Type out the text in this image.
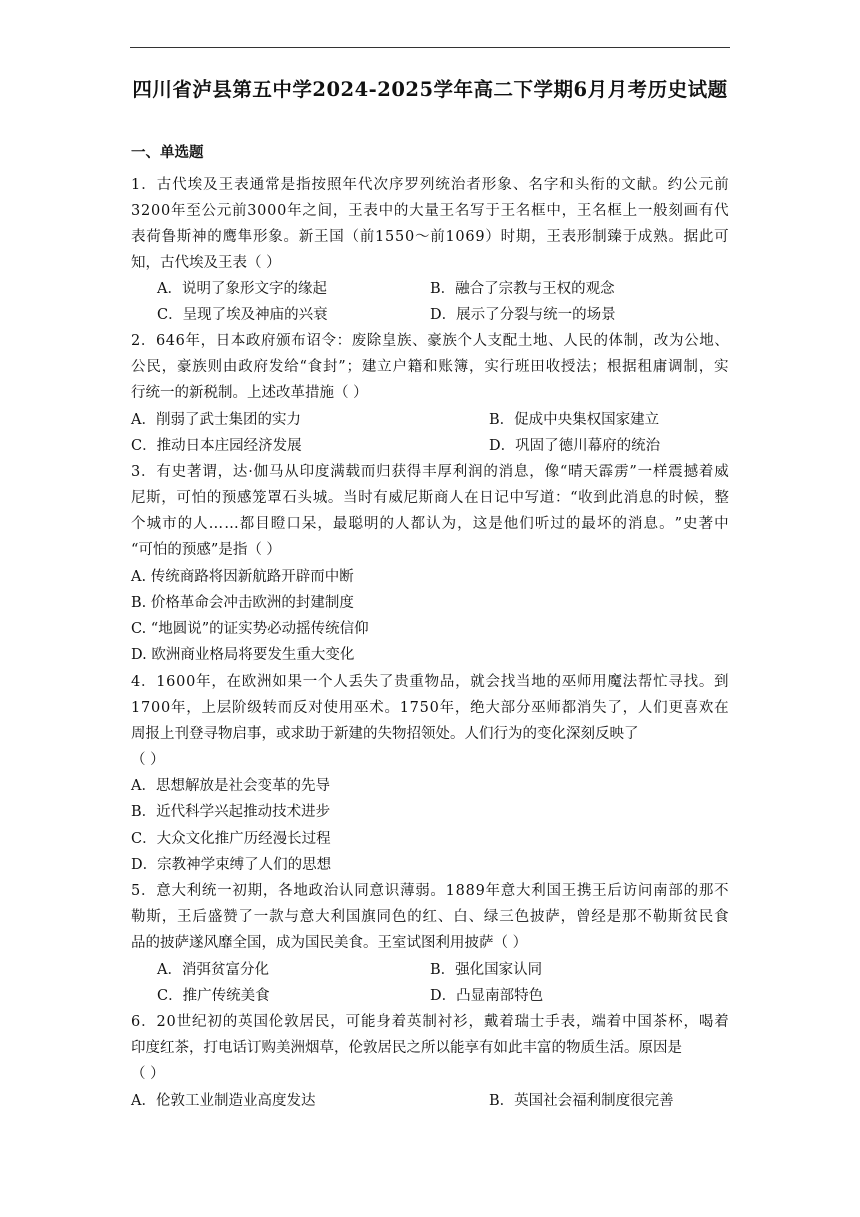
四川省泸县第五中学2024-2025学年高二下学期6月月考历史试题
一、单选题
1 ． 古 代 埃 及 王 表 通 常 是 指 按 照 年 代 次 序 罗 列 统 治 者 形 象 、 名 字 和 头 衔 的 文 献 。 约 公 元 前
3 2 0 0 年 至 公 元 前 3 0 0 0 年 之 间 ， 王 表 中 的 大 量 王 名 写 于 王 名 框 中 ， 王 名 框 上 一 般 刻 画 有 代
表 荷 鲁 斯 神 的 鹰 隼 形 象 。 新 王 国 （ 前 1 5 5 0 ～ 前 1 0 6 9 ） 时 期 ， 王 表 形 制 臻 于 成 熟 。 据 此 可
知，古代埃及王表（ ）
A．说明了象形文字的缘起	B．融合了宗教与王权的观念
C．呈现了埃及神庙的兴衰	D．展示了分裂与统一的场景
2 ． 6 4 6 年 ， 日 本 政 府 颁 布 诏 令 ： 废 除 皇 族 、 豪 族 个 人 支 配 土 地 、 人 民 的 体 制 ， 改 为 公 地 、
公 民 ， 豪 族 则 由 政 府 发 给 “ 食 封 ” ； 建 立 户 籍 和 账 簿 ， 实 行 班 田 收 授 法 ； 根 据 租 庸 调 制 ， 实
行统一的新税制。上述改革措施（ ）
A．削弱了武士集团的实力	B．促成中央集权国家建立
C．推动日本庄园经济发展	D．巩固了德川幕府的统治
3 ． 有 史 著 谓 ， 达 · 伽 马 从 印 度 满 载 而 归 获 得 丰 厚 利 润 的 消 息 ， 像 “ 晴 天 霹 雳 ” 一 样 震 撼 着 威
尼 斯 ， 可 怕 的 预 感 笼 罩 石 头 城 。 当 时 有 威 尼 斯 商 人 在 日 记 中 写 道 ： “ 收 到 此 消 息 的 时 候 ， 整
个 城 市 的 人 … … 都 目 瞪 口 呆 ， 最 聪 明 的 人 都 认 为 ， 这 是 他 们 听 过 的 最 坏 的 消 息 。 ” 史 著 中
“可怕的预感”是指（ ）
A. 传统商路将因新航路开辟而中断
B. 价格革命会冲击欧洲的封建制度
C. “地圆说”的证实势必动摇传统信仰
D. 欧洲商业格局将要发生重大变化
4 ． 1 6 0 0 年 ， 在 欧 洲 如 果 一 个 人 丢 失 了 贵 重 物 品 ， 就 会 找 当 地 的 巫 师 用 魔 法 帮 忙 寻 找 。 到
1 7 0 0 年 ， 上 层 阶 级 转 而 反 对 使 用 巫 术 。 1 7 5 0 年 ， 绝 大 部 分 巫 师 都 消 失 了 ， 人 们 更 喜 欢 在
周报上刊登寻物启事，或求助于新建的失物招领处。人们行为的变化深刻反映了
（ ）
A．思想解放是社会变革的先导
B．近代科学兴起推动技术进步
C．大众文化推广历经漫长过程
D．宗教神学束缚了人们的思想
5 ． 意 大 利 统 一 初 期 ， 各 地 政 治 认 同 意 识 薄 弱 。 1 8 8 9 年 意 大 利 国 王 携 王 后 访 问 南 部 的 那 不
勒 斯 ， 王 后 盛 赞 了 一 款 与 意 大 利 国 旗 同 色 的 红 、 白 、 绿 三 色 披 萨 ， 曾 经 是 那 不 勒 斯 贫 民 食
品的披萨遂风靡全国，成为国民美食。王室试图利用披萨（ ）
A．消弭贫富分化	B．强化国家认同
C．推广传统美食	D．凸显南部特色
6 ． 2 0 世 纪 初 的 英 国 伦 敦 居 民 ， 可 能 身 着 英 制 衬 衫 ， 戴 着 瑞 士 手 表 ， 端 着 中 国 茶 杯 ， 喝 着
印度红茶，打电话订购美洲烟草，伦敦居民之所以能享有如此丰富的物质生活。原因是
（ ）
A．伦敦工业制造业高度发达	B．英国社会福利制度很完善
